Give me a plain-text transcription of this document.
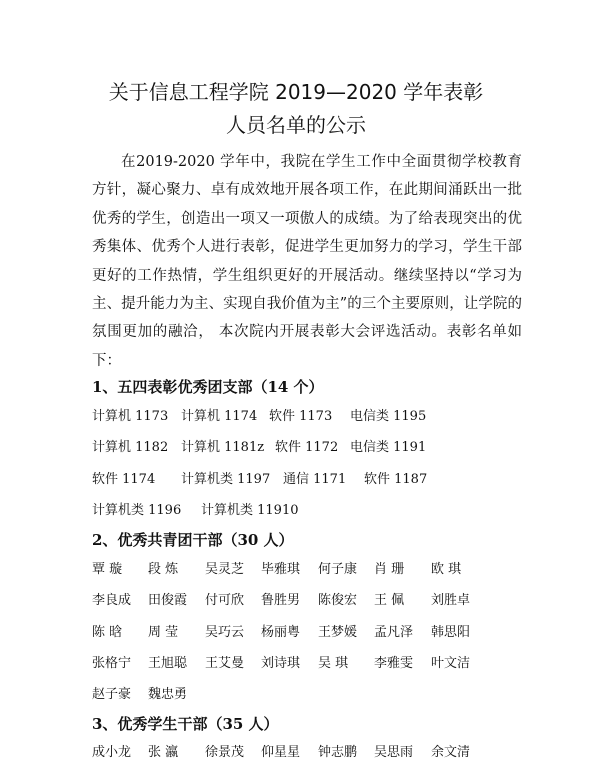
关于信息工程学院 2019—2020 学年表彰
人员名单的公示
在2019-2020 学年中，我院在学生工作中全面贯彻学校教育方针，凝心聚力、卓有成效地开展各项工作，在此期间涌跃出一批优秀的学生，创造出一项又一项傲人的成绩。为了给表现突出的优秀集体、优秀个人进行表彰，促进学生更加努力的学习，学生干部更好的工作热情，学生组织更好的开展活动。继续坚持以“学习为主、提升能力为主、实现自我价值为主”的三个主要原则，让学院的氛围更加的融洽， 本次院内开展表彰大会评选活动。表彰名单如下：
1、五四表彰优秀团支部（14 个）
计算机 1173 计算机 1174 软件 1173 电信类 1195
计算机 1182 计算机 1181z 软件 1172 电信类 1191
软件 1174 计算机类 1197 通信 1171 软件 1187
计算机类 1196 计算机类 11910
2、优秀共青团干部（30 人）
覃 璇	段 炼	吴灵芝	毕雅琪	何子康	肖 珊	欧 琪
李良成	田俊霞	付可欣	鲁胜男	陈俊宏	王 佩	刘胜卓
陈 晗	周 莹	吴巧云	杨丽粤	王梦媛	孟凡泽	韩思阳
张格宁	王旭聪	王艾曼	刘诗琪	吴 琪	李雅雯	叶文洁
赵子豪	魏忠勇
3、优秀学生干部（35 人）
成小龙	张 瀛	徐景茂	仰星星	钟志鹏	吴思雨	余文清
